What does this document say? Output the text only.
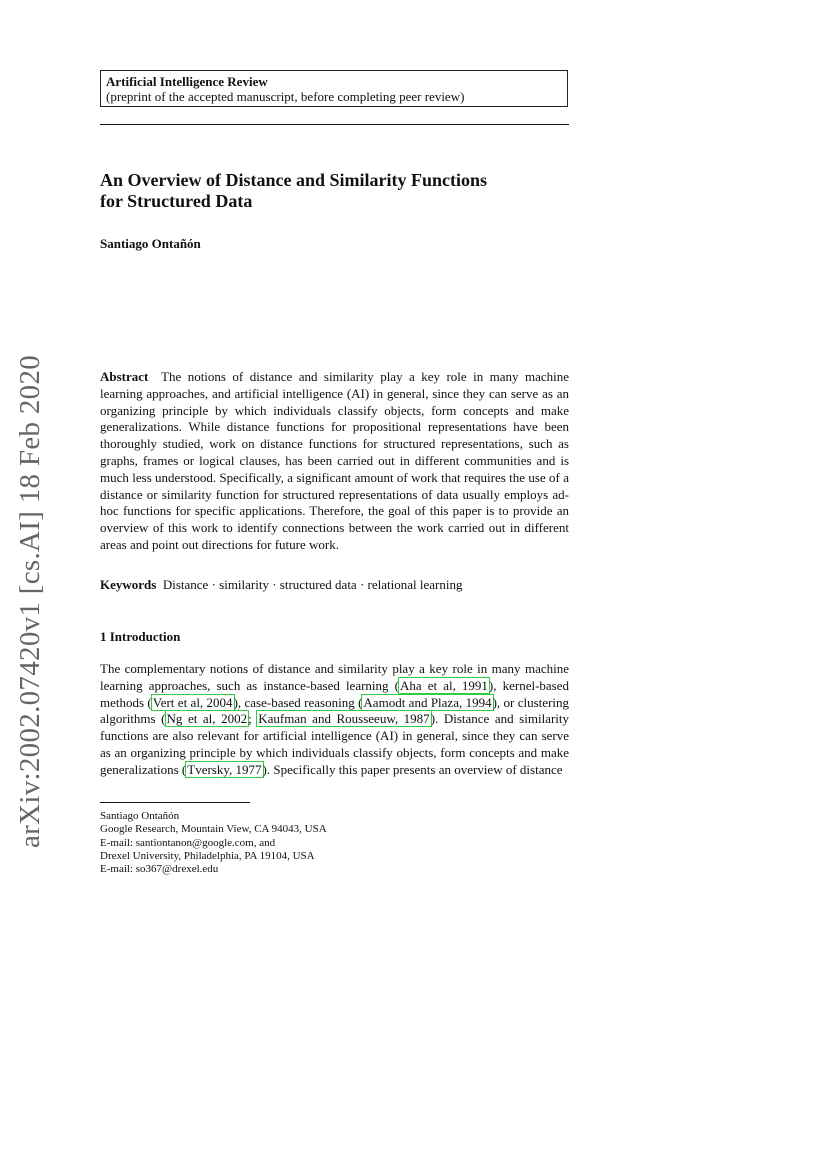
Artificial Intelligence Review
(preprint of the accepted manuscript, before completing peer review)
An Overview of Distance and Similarity Functions
for Structured Data
Santiago Ontañón
arXiv:2002.07420v1 [cs.AI] 18 Feb 2020	Abstract The notions of distance and similarity play a key role in many machine learning approaches, and artificial intelligence (AI) in general, since they can serve as an organizing principle by which individuals classify objects, form concepts and make generalizations. While distance functions for propositional representations have been thoroughly studied, work on distance functions for structured representations, such as graphs, frames or logical clauses, has been carried out in different communities and is much less understood. Specifically, a significant amount of work that requires the use of a distance or similarity function for structured representations of data usually employs ad-hoc functions for specific applications. Therefore, the goal of this paper is to provide an overview of this work to identify connections between the work carried out in different areas and point out directions for future work.
Keywords Distance · similarity · structured data · relational learning
1 Introduction
The complementary notions of distance and similarity play a key role in many machine learning approaches, such as instance-based learning (Aha et al, 1991), kernel-based methods (Vert et al, 2004), case-based reasoning (Aamodt and Plaza, 1994), or clustering algorithms (Ng et al, 2002; Kaufman and Rousseeuw, 1987). Distance and similarity functions are also relevant for artificial intelligence (AI) in general, since they can serve as an organizing principle by which individuals classify objects, form concepts and make generalizations (Tversky, 1977). Specifically this paper presents an overview of distance
Santiago Ontañón
Google Research, Mountain View, CA 94043, USA
E-mail: santiontanon@google.com, and
Drexel University, Philadelphia, PA 19104, USA
E-mail: so367@drexel.edu
